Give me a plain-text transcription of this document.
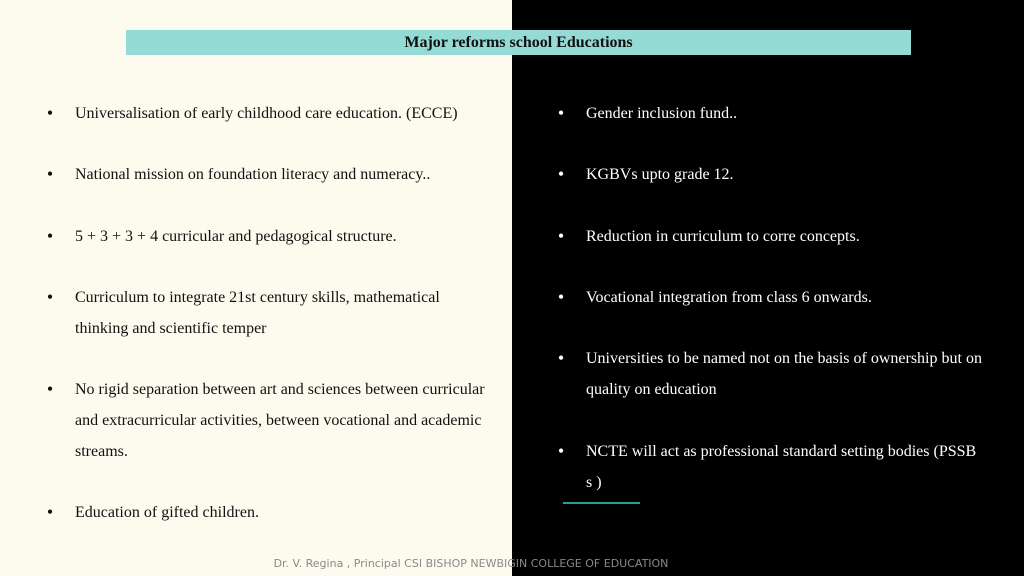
Major reforms school Educations
•	Universalisation of early childhood care education. (ECCE)
•	National mission on foundation literacy and numeracy..
•	5 + 3 + 3 + 4 curricular and pedagogical structure.
•	Curriculum to integrate 21st century skills, mathematical thinking and scientific temper
•	No rigid separation between art and sciences between curricular and extracurricular activities, between vocational and academic streams.
•	Education of gifted children.
•	Gender inclusion fund..
•	KGBVs upto grade 12.
•	Reduction in curriculum to corre concepts.
•	Vocational integration from class 6 onwards.
•	Universities to be named not on the basis of ownership but on quality on education
•	NCTE will act as professional standard setting bodies (PSSB s )
Dr. V. Regina , Principal CSI BISHOP NEWBIGIN COLLEGE OF EDUCATION
